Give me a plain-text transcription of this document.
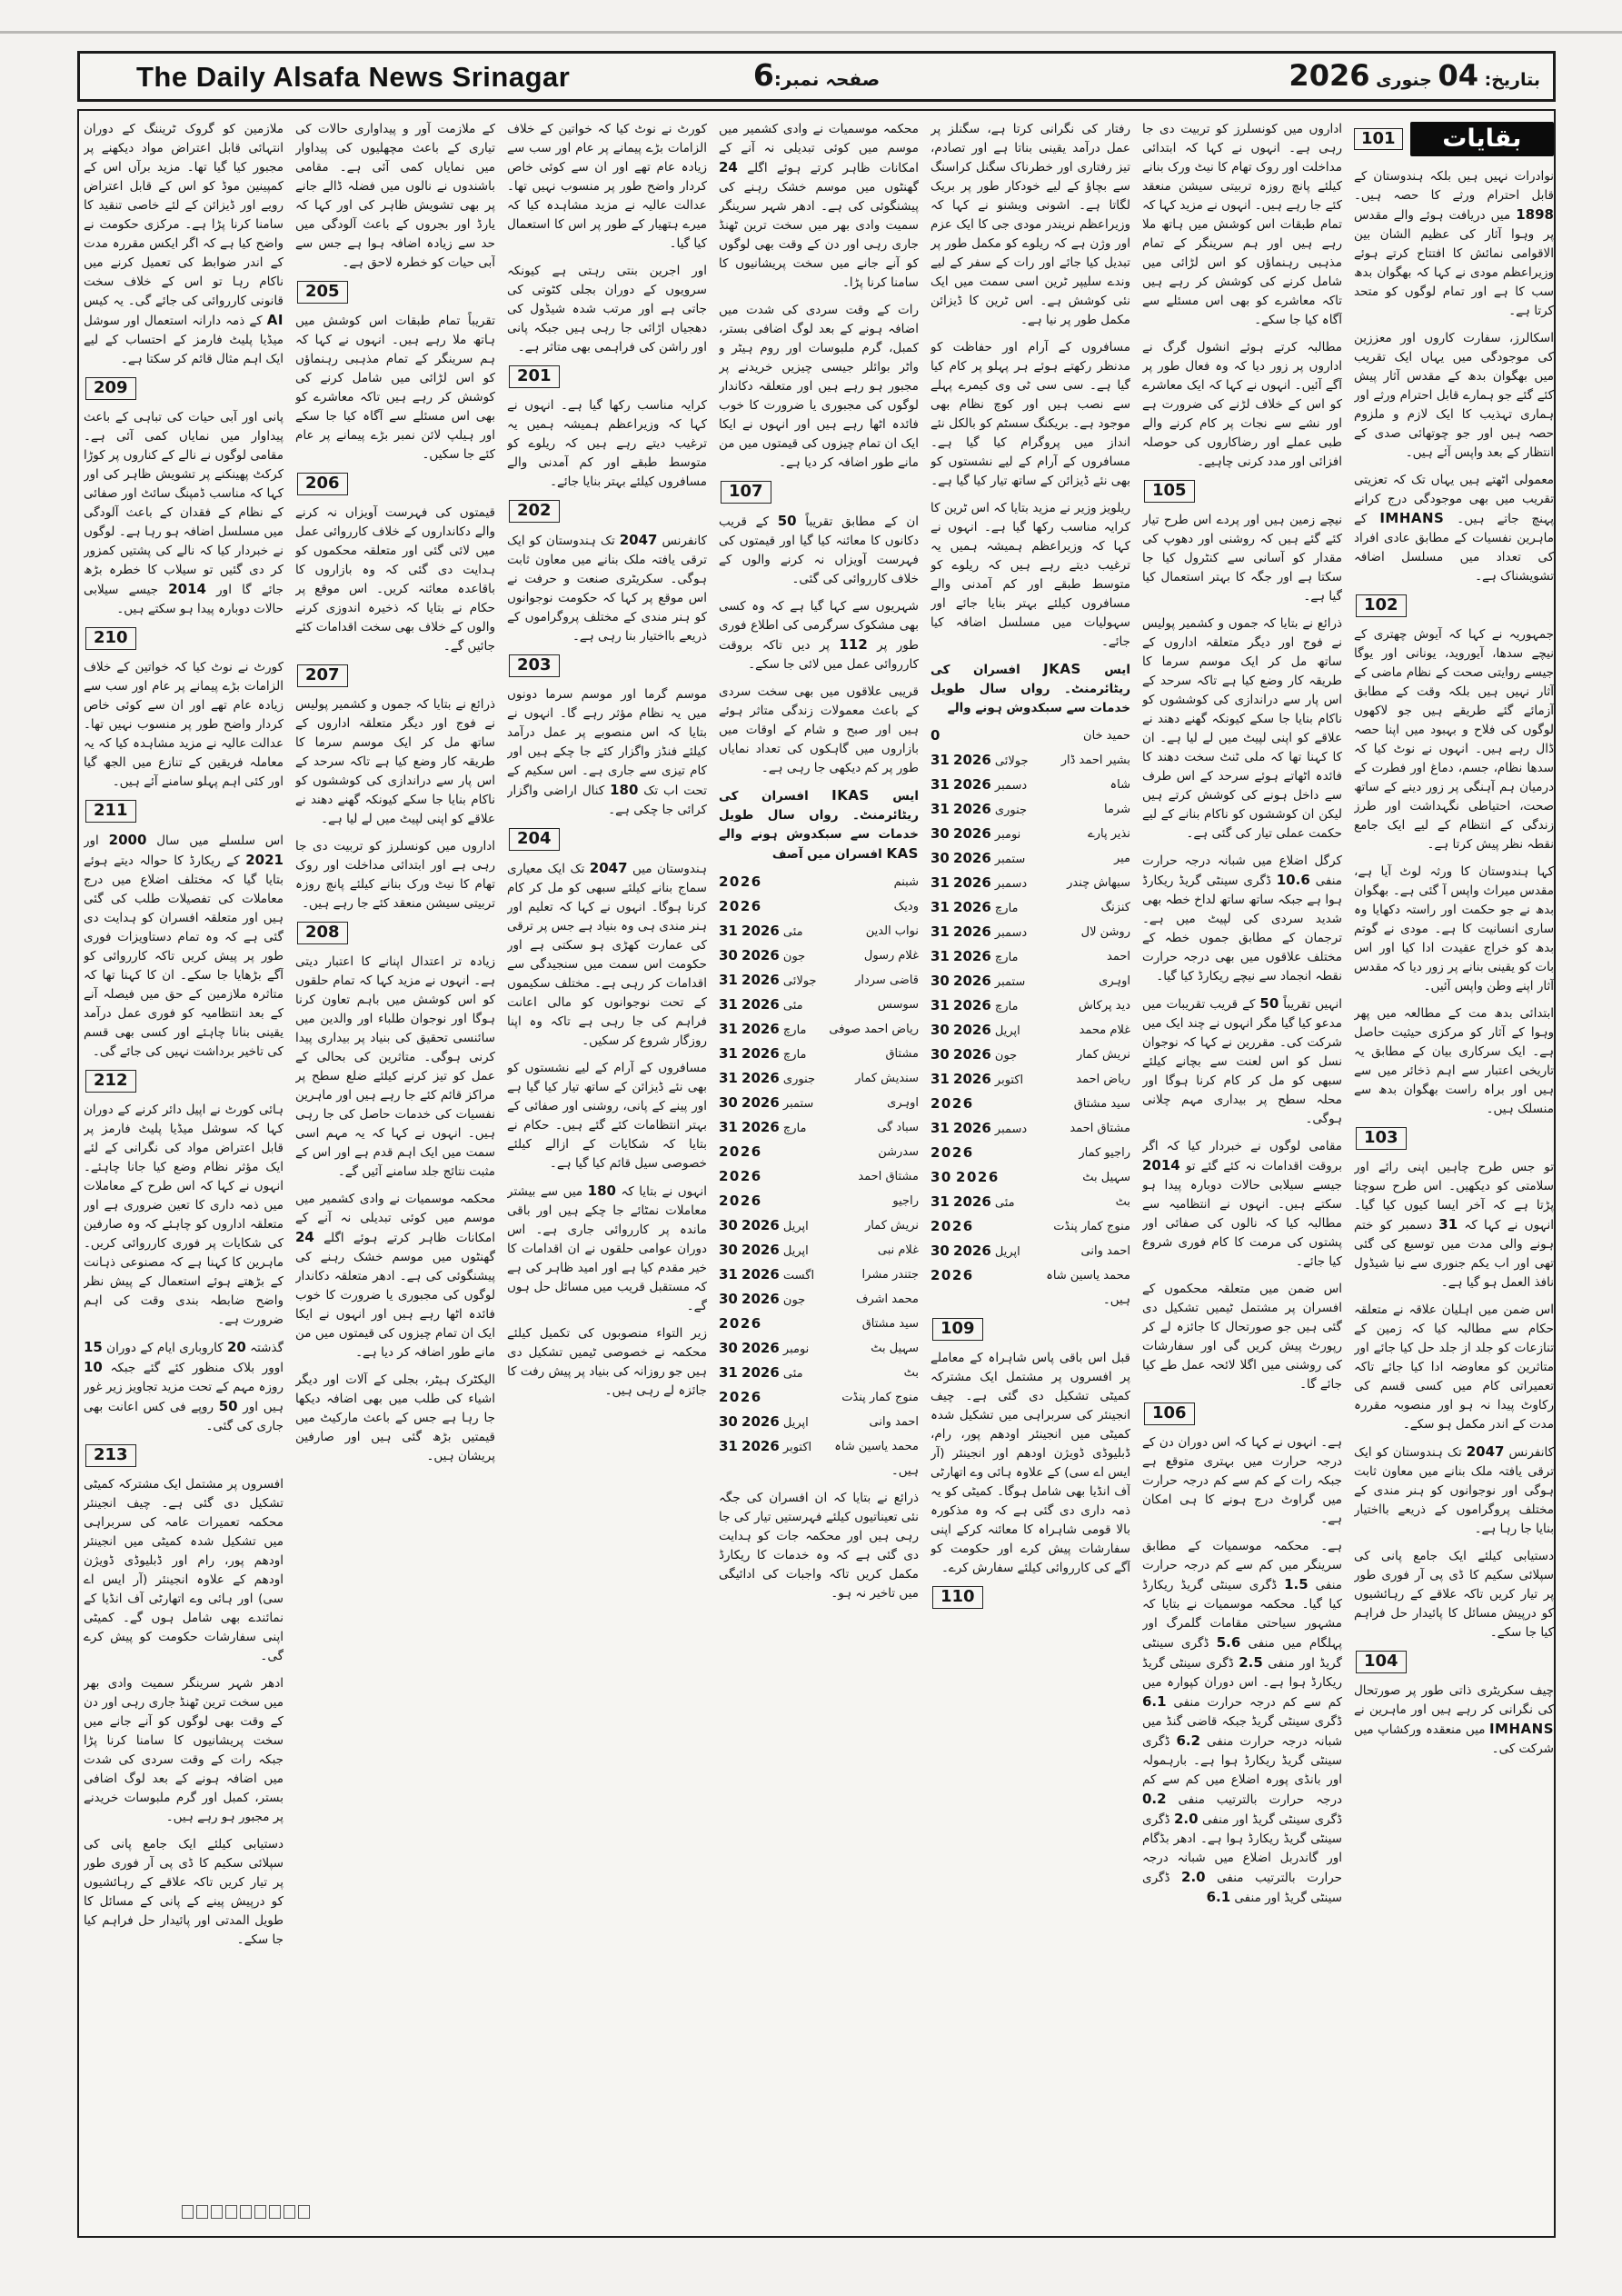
The Daily Alsafa News Srinagar	صفحہ نمبر:6	بتاریخ: 04 جنوری 2026
ملازمین کو گروک ٹریننگ کے دوران انتہائی قابل اعتراض مواد دیکھنے پر مجبور کیا گیا تھا۔ مزید برآں اس کے کمپینین موڈ کو اس کے قابل اعتراض رویے اور ڈیزائن کے لئے خاصی تنقید کا سامنا کرنا پڑا ہے۔ مرکزی حکومت نے واضح کیا ہے کہ اگر ایکس مقررہ مدت کے اندر ضوابط کی تعمیل کرنے میں ناکام رہا تو اس کے خلاف سخت قانونی کارروائی کی جائے گی۔ یہ کیس AI کے ذمہ دارانہ استعمال اور سوشل میڈیا پلیٹ فارمز کے احتساب کے لیے ایک اہم مثال قائم کر سکتا ہے۔
209
پانی اور آبی حیات کی تباہی کے باعث پیداوار میں نمایاں کمی آئی ہے۔ مقامی لوگوں نے نالے کے کناروں پر کوڑا کرکٹ پھینکنے پر تشویش ظاہر کی اور کہا کہ مناسب ڈمپنگ سائٹ اور صفائی کے نظام کے فقدان کے باعث آلودگی میں مسلسل اضافہ ہو رہا ہے۔ لوگوں نے خبردار کیا کہ نالے کی پشتیں کمزور کر دی گئیں تو سیلاب کا خطرہ بڑھ جائے گا اور 2014 جیسے سیلابی حالات دوبارہ پیدا ہو سکتے ہیں۔
210
کورٹ نے نوٹ کیا کہ خواتین کے خلاف الزامات بڑے پیمانے پر عام اور سب سے زیادہ عام تھے اور ان سے کوئی خاص کردار واضح طور پر منسوب نہیں تھا۔ عدالت عالیہ نے مزید مشاہدہ کیا کہ یہ معاملہ فریقین کے تنازع میں الجھ گیا اور کئی اہم پہلو سامنے آئے ہیں۔
211
اس سلسلے میں سال 2000 اور 2021 کے ریکارڈ کا حوالہ دیتے ہوئے بتایا گیا کہ مختلف اضلاع میں درج معاملات کی تفصیلات طلب کی گئی ہیں اور متعلقہ افسران کو ہدایت دی گئی ہے کہ وہ تمام دستاویزات فوری طور پر پیش کریں تاکہ کارروائی کو آگے بڑھایا جا سکے۔ ان کا کہنا تھا کہ متاثرہ ملازمین کے حق میں فیصلہ آنے کے بعد انتظامیہ کو فوری عمل درآمد یقینی بنانا چاہئے اور کسی بھی قسم کی تاخیر برداشت نہیں کی جائے گی۔
212
ہائی کورٹ نے اپیل دائر کرنے کے دوران کہا کہ سوشل میڈیا پلیٹ فارمز پر قابل اعتراض مواد کی نگرانی کے لئے ایک مؤثر نظام وضع کیا جانا چاہئے۔ انہوں نے کہا کہ اس طرح کے معاملات میں ذمہ داری کا تعین ضروری ہے اور متعلقہ اداروں کو چاہئے کہ وہ صارفین کی شکایات پر فوری کارروائی کریں۔ ماہرین کا کہنا ہے کہ مصنوعی ذہانت کے بڑھتے ہوئے استعمال کے پیش نظر واضح ضابطہ بندی وقت کی اہم ضرورت ہے۔
گذشتہ 20 کاروباری ایام کے دوران 15 اوور بلاک منظور کئے گئے جبکہ 10 روزہ مہم کے تحت مزید تجاویز زیر غور ہیں اور 50 روپے فی کس اعانت بھی جاری کی گئی۔
213
افسروں پر مشتمل ایک مشترکہ کمیٹی تشکیل دی گئی ہے۔ چیف انجینئر محکمہ تعمیرات عامہ کی سربراہی میں تشکیل شدہ کمیٹی میں انجینئر اودھم پور، رام اور ڈبلیوڈی ڈویژن اودھم کے علاوہ انجینئر (آر ایس اے سی) اور ہائی وے اتھارٹی آف انڈیا کے نمائندے بھی شامل ہوں گے۔ کمیٹی اپنی سفارشات حکومت کو پیش کرے گی۔
ادھر شہر سرینگر سمیت وادی بھر میں سخت ترین ٹھنڈ جاری رہی اور دن کے وقت بھی لوگوں کو آنے جانے میں سخت پریشانیوں کا سامنا کرنا پڑا جبکہ رات کے وقت سردی کی شدت میں اضافہ ہونے کے بعد لوگ اضافی بستر، کمبل اور گرم ملبوسات خریدنے پر مجبور ہو رہے ہیں۔
دستیابی کیلئے ایک جامع پانی کی سپلائی سکیم کا ڈی پی آر فوری طور پر تیار کریں تاکہ علاقے کے رہائشیوں کو درپیش پینے کے پانی کے مسائل کا طویل المدتی اور پائیدار حل فراہم کیا جا سکے۔
کے ملازمت آور و پیداواری حالات کی تیاری کے باعث مچھلیوں کی پیداوار میں نمایاں کمی آئی ہے۔ مقامی باشندوں نے نالوں میں فضلہ ڈالے جانے پر بھی تشویش ظاہر کی اور کہا کہ یارڈ اور بجروں کے باعث آلودگی میں حد سے زیادہ اضافہ ہوا ہے جس سے آبی حیات کو خطرہ لاحق ہے۔
205
تقریباً تمام طبقات اس کوشش میں ہاتھ ملا رہے ہیں۔ انہوں نے کہا کہ ہم سرینگر کے تمام مذہبی رہنماؤں کو اس لڑائی میں شامل کرنے کی کوشش کر رہے ہیں تاکہ معاشرے کو بھی اس مسئلے سے آگاہ کیا جا سکے اور ہیلپ لائن نمبر بڑے پیمانے پر عام کئے جا سکیں۔
206
قیمتوں کی فہرست آویزاں نہ کرنے والے دکانداروں کے خلاف کارروائی عمل میں لائی گئی اور متعلقہ محکموں کو ہدایت دی گئی کہ وہ بازاروں کا باقاعدہ معائنہ کریں۔ اس موقع پر حکام نے بتایا کہ ذخیرہ اندوزی کرنے والوں کے خلاف بھی سخت اقدامات کئے جائیں گے۔
207
ذرائع نے بتایا کہ جموں و کشمیر پولیس نے فوج اور دیگر متعلقہ اداروں کے ساتھ مل کر ایک موسم سرما کا طریقہ کار وضع کیا ہے تاکہ سرحد کے اس پار سے دراندازی کی کوششوں کو ناکام بنایا جا سکے کیونکہ گھنے دھند نے علاقے کو اپنی لپیٹ میں لے لیا ہے۔
اداروں میں کونسلرز کو تربیت دی جا رہی ہے اور ابتدائی مداخلت اور روک تھام کا نیٹ ورک بنانے کیلئے پانچ روزہ تربیتی سیشن منعقد کئے جا رہے ہیں۔
208
زیادہ تر اعتدال اپنانے کا اعتبار دیتی ہے۔ انہوں نے مزید کہا کہ تمام حلقوں کو اس کوشش میں باہم تعاون کرنا ہوگا اور نوجوان طلباء اور والدین میں سائنسی تحقیق کی بنیاد پر بیداری پیدا کرنی ہوگی۔ متاثرین کی بحالی کے عمل کو تیز کرنے کیلئے ضلع سطح پر مراکز قائم کئے جا رہے ہیں اور ماہرین نفسیات کی خدمات حاصل کی جا رہی ہیں۔ انہوں نے کہا کہ یہ مہم اسی سمت میں ایک اہم قدم ہے اور اس کے مثبت نتائج جلد سامنے آئیں گے۔
محکمہ موسمیات نے وادی کشمیر میں موسم میں کوئی تبدیلی نہ آنے کے امکانات ظاہر کرتے ہوئے اگلے 24 گھنٹوں میں موسم خشک رہنے کی پیشنگوئی کی ہے۔ ادھر متعلقہ دکاندار لوگوں کی مجبوری یا ضرورت کا خوب فائدہ اٹھا رہے ہیں اور انہوں نے ایکا ایک ان تمام چیزوں کی قیمتوں میں من مانے طور اضافہ کر دیا ہے۔
الیکٹرک ہیٹر، بجلی کے آلات اور دیگر اشیاء کی طلب میں بھی اضافہ دیکھا جا رہا ہے جس کے باعث مارکیٹ میں قیمتیں بڑھ گئی ہیں اور صارفین پریشان ہیں۔
کورٹ نے نوٹ کیا کہ خواتین کے خلاف الزامات بڑے پیمانے پر عام اور سب سے زیادہ عام تھے اور ان سے کوئی خاص کردار واضح طور پر منسوب نہیں تھا۔ عدالت عالیہ نے مزید مشاہدہ کیا کہ میرے ہتھیار کے طور پر اس کا استعمال کیا گیا۔
اور اجرین بنتی رہتی ہے کیونکہ سرویوں کے دوران بجلی کٹوتی کی جاتی ہے اور مرتب شدہ شیڈول کی دھجیاں اڑائی جا رہی ہیں جبکہ پانی اور راشن کی فراہمی بھی متاثر ہے۔
201
کرایہ مناسب رکھا گیا ہے۔ انہوں نے کہا کہ وزیراعظم ہمیشہ ہمیں یہ ترغیب دیتے رہے ہیں کہ ریلوے کو متوسط طبقے اور کم آمدنی والے مسافروں کیلئے بہتر بنایا جائے۔
202
کانفرنس 2047 تک ہندوستان کو ایک ترقی یافتہ ملک بنانے میں معاون ثابت ہوگی۔ سکریٹری صنعت و حرفت نے اس موقع پر کہا کہ حکومت نوجوانوں کو ہنر مندی کے مختلف پروگراموں کے ذریعے بااختیار بنا رہی ہے۔
203
موسم گرما اور موسم سرما دونوں میں یہ نظام مؤثر رہے گا۔ انہوں نے بتایا کہ اس منصوبے پر عمل درآمد کیلئے فنڈز واگزار کئے جا چکے ہیں اور کام تیزی سے جاری ہے۔ اس سکیم کے تحت اب تک 180 کنال اراضی واگزار کرائی جا چکی ہے۔
204
ہندوستان میں 2047 تک ایک معیاری سماج بنانے کیلئے سبھی کو مل کر کام کرنا ہوگا۔ انہوں نے کہا کہ تعلیم اور ہنر مندی ہی وہ بنیاد ہے جس پر ترقی کی عمارت کھڑی ہو سکتی ہے اور حکومت اس سمت میں سنجیدگی سے اقدامات کر رہی ہے۔ مختلف سکیموں کے تحت نوجوانوں کو مالی اعانت فراہم کی جا رہی ہے تاکہ وہ اپنا روزگار شروع کر سکیں۔
مسافروں کے آرام کے لیے نشستوں کو بھی نئے ڈیزائن کے ساتھ تیار کیا گیا ہے اور پینے کے پانی، روشنی اور صفائی کے بہتر انتظامات کئے گئے ہیں۔ حکام نے بتایا کہ شکایات کے ازالے کیلئے خصوصی سیل قائم کیا گیا ہے۔
انہوں نے بتایا کہ 180 میں سے بیشتر معاملات نمٹائے جا چکے ہیں اور باقی ماندہ پر کارروائی جاری ہے۔ اس دوران عوامی حلقوں نے ان اقدامات کا خیر مقدم کیا ہے اور امید ظاہر کی ہے کہ مستقبل قریب میں مسائل حل ہوں گے۔
زیر التواء منصوبوں کی تکمیل کیلئے محکمہ نے خصوصی ٹیمیں تشکیل دی ہیں جو روزانہ کی بنیاد پر پیش رفت کا جائزہ لے رہی ہیں۔
محکمہ موسمیات نے وادی کشمیر میں موسم میں کوئی تبدیلی نہ آنے کے امکانات ظاہر کرتے ہوئے اگلے 24 گھنٹوں میں موسم خشک رہنے کی پیشنگوئی کی ہے۔ ادھر شہر سرینگر سمیت وادی بھر میں سخت ترین ٹھنڈ جاری رہی اور دن کے وقت بھی لوگوں کو آنے جانے میں سخت پریشانیوں کا سامنا کرنا پڑا۔
رات کے وقت سردی کی شدت میں اضافہ ہونے کے بعد لوگ اضافی بستر، کمبل، گرم ملبوسات اور روم ہیٹر و واٹر بوائلر جیسی چیزیں خریدنے پر مجبور ہو رہے ہیں اور متعلقہ دکاندار لوگوں کی مجبوری یا ضرورت کا خوب فائدہ اٹھا رہے ہیں اور انہوں نے ایکا ایک ان تمام چیزوں کی قیمتوں میں من مانے طور اضافہ کر دیا ہے۔
107
ان کے مطابق تقریباً 50 کے قریب دکانوں کا معائنہ کیا گیا اور قیمتوں کی فہرست آویزاں نہ کرنے والوں کے خلاف کارروائی کی گئی۔
شہریوں سے کہا گیا ہے کہ وہ کسی بھی مشکوک سرگرمی کی اطلاع فوری طور پر 112 پر دیں تاکہ بروقت کارروائی عمل میں لائی جا سکے۔
قریبی علاقوں میں بھی سخت سردی کے باعث معمولات زندگی متاثر ہوئے ہیں اور صبح و شام کے اوقات میں بازاروں میں گاہکوں کی تعداد نمایاں طور پر کم دیکھی جا رہی ہے۔
ایس IKAS افسران کی ریٹائرمنٹ۔ رواں سال طویل خدمات سے سبکدوش ہونے والے KAS افسران میں آصف
شبنم
2026
ودیک
2026
نواب الدین
31 مئی 2026
غلام رسول
30 جون 2026
قاضی سردار
31 جولائی 2026
سوسس
31 مئی 2026
ریاض احمد صوفی
31 مارچ 2026
مشتاق
31 مارچ 2026
سندیش کمار
31 جنوری 2026
اوہری
30 ستمبر 2026
سباد گی
31 مارچ 2026
سدرشن
2026
مشتاق احمد
2026
راجیو
2026
نریش کمار
30 اپریل 2026
غلام نبی
30 اپریل 2026
جتندر مشرا
31 اگست 2026
محمد اشرف
30 جون 2026
سید مشتاق
2026
سہیل بٹ
30 نومبر 2026
بٹ
31 مئی 2026
منوج کمار پنڈت
2026
احمد وانی
30 اپریل 2026
محمد یاسین شاہ
31 اکتوبر 2026
ہیں۔
ذرائع نے بتایا کہ ان افسران کی جگہ نئی تعیناتیوں کیلئے فہرستیں تیار کی جا رہی ہیں اور محکمہ جات کو ہدایت دی گئی ہے کہ وہ خدمات کا ریکارڈ مکمل کریں تاکہ واجبات کی ادائیگی میں تاخیر نہ ہو۔
رفتار کی نگرانی کرتا ہے، سگنلز پر عمل درآمد یقینی بناتا ہے اور تصادم، تیز رفتاری اور خطرناک سگنل کراسنگ سے بچاؤ کے لیے خودکار طور پر بریک لگاتا ہے۔ اشونی ویشنو نے کہا کہ وزیراعظم نریندر مودی جی کا ایک عزم اور وژن ہے کہ ریلوے کو مکمل طور پر تبدیل کیا جائے اور رات کے سفر کے لیے وندے سلیپر ٹرین اسی سمت میں ایک نئی کوشش ہے۔ اس ٹرین کا ڈیزائن مکمل طور پر نیا ہے۔
مسافروں کے آرام اور حفاظت کو مدنظر رکھتے ہوئے ہر پہلو پر کام کیا گیا ہے۔ سی سی ٹی وی کیمرے پہلے سے نصب ہیں اور کوچ نظام بھی موجود ہے۔ بریکنگ سسٹم کو بالکل نئے انداز میں پروگرام کیا گیا ہے۔ مسافروں کے آرام کے لیے نشستوں کو بھی نئے ڈیزائن کے ساتھ تیار کیا گیا ہے۔
ریلویز وزیر نے مزید بتایا کہ اس ٹرین کا کرایہ مناسب رکھا گیا ہے۔ انہوں نے کہا کہ وزیراعظم ہمیشہ ہمیں یہ ترغیب دیتے رہے ہیں کہ ریلوے کو متوسط طبقے اور کم آمدنی والے مسافروں کیلئے بہتر بنایا جائے اور سہولیات میں مسلسل اضافہ کیا جائے۔
ایس JKAS افسران کی ریٹائرمنٹ۔ رواں سال طویل خدمات سے سبکدوش ہونے والے
حمید خان
0
بشیر احمد ڈار
31 جولائی 2026
شاہ
31 دسمبر 2026
شرما
31 جنوری 2026
نذیر پارے
30 نومبر 2026
میر
30 ستمبر 2026
سبھاش چندر
31 دسمبر 2026
کنزنگ
31 مارچ 2026
روشن لال
31 دسمبر 2026
احمد
31 مارچ 2026
اوہری
30 ستمبر 2026
دید پرکاش
31 مارچ 2026
غلام محمد
30 اپریل 2026
نریش کمار
30 جون 2026
ریاض احمد
31 اکتوبر 2026
سید مشتاق
2026
مشتاق احمد
31 دسمبر 2026
راجیو کمار
2026
سہیل بٹ
30 2026
بٹ
31 مئی 2026
منوج کمار پنڈت
2026
احمد وانی
30 اپریل 2026
محمد یاسین شاہ
2026
ہیں۔
109
قبل اس باقی پاس شاہراہ کے معاملے پر افسروں پر مشتمل ایک مشترکہ کمیٹی تشکیل دی گئی ہے۔ چیف انجینئر کی سربراہی میں تشکیل شدہ کمیٹی میں انجینئر اودھم پور، رام، ڈبلیوڈی ڈویژن اودھم اور انجینئر (آر ایس اے سی) کے علاوہ ہائی وے اتھارٹی آف انڈیا بھی شامل ہوگا۔ کمیٹی کو یہ ذمہ داری دی گئی ہے کہ وہ مذکورہ بالا قومی شاہراہ کا معائنہ کرکے اپنی سفارشات پیش کرے اور حکومت کو آگے کی کارروائی کیلئے سفارش کرے۔
110
اداروں میں کونسلرز کو تربیت دی جا رہی ہے۔ انہوں نے کہا کہ ابتدائی مداخلت اور روک تھام کا نیٹ ورک بنانے کیلئے پانچ روزہ تربیتی سیشن منعقد کئے جا رہے ہیں۔ انہوں نے مزید کہا کہ تمام طبقات اس کوشش میں ہاتھ ملا رہے ہیں اور ہم سرینگر کے تمام مذہبی رہنماؤں کو اس لڑائی میں شامل کرنے کی کوشش کر رہے ہیں تاکہ معاشرے کو بھی اس مسئلے سے آگاہ کیا جا سکے۔
مطالبہ کرتے ہوئے انشول گرگ نے اداروں پر زور دیا کہ وہ فعال طور پر آگے آئیں۔ انہوں نے کہا کہ ایک معاشرے کو اس کے خلاف لڑنے کی ضرورت ہے اور نشے سے نجات پر کام کرنے والے طبی عملے اور رضاکاروں کی حوصلہ افزائی اور مدد کرنی چاہیے۔
105
نیچے زمین ہیں اور پردے اس طرح تیار کئے گئے ہیں کہ روشنی اور دھوپ کی مقدار کو آسانی سے کنٹرول کیا جا سکتا ہے اور جگہ کا بہتر استعمال کیا گیا ہے۔
ذرائع نے بتایا کہ جموں و کشمیر پولیس نے فوج اور دیگر متعلقہ اداروں کے ساتھ مل کر ایک موسم سرما کا طریقہ کار وضع کیا ہے تاکہ سرحد کے اس پار سے دراندازی کی کوششوں کو ناکام بنایا جا سکے کیونکہ گھنے دھند نے علاقے کو اپنی لپیٹ میں لے لیا ہے۔ ان کا کہنا تھا کہ ملی ٹنٹ سخت دھند کا فائدہ اٹھاتے ہوئے سرحد کے اس طرف سے داخل ہونے کی کوشش کرتے ہیں لیکن ان کوششوں کو ناکام بنانے کے لیے حکمت عملی تیار کی گئی ہے۔
کرگل اضلاع میں شبانہ درجہ حرارت منفی 10.6 ڈگری سینٹی گریڈ ریکارڈ ہوا ہے جبکہ ساتھ ساتھ لداخ خطہ بھی شدید سردی کی لپیٹ میں ہے۔ ترجمان کے مطابق جموں خطہ کے مختلف علاقوں میں بھی درجہ حرارت نقطہ انجماد سے نیچے ریکارڈ کیا گیا۔
انہیں تقریباً 50 کے قریب تقریبات میں مدعو کیا گیا مگر انہوں نے چند ایک میں شرکت کی۔ مقررین نے کہا کہ نوجوان نسل کو اس لعنت سے بچانے کیلئے سبھی کو مل کر کام کرنا ہوگا اور محلہ سطح پر بیداری مہم چلانی ہوگی۔
مقامی لوگوں نے خبردار کیا کہ اگر بروقت اقدامات نہ کئے گئے تو 2014 جیسے سیلابی حالات دوبارہ پیدا ہو سکتے ہیں۔ انہوں نے انتظامیہ سے مطالبہ کیا کہ نالوں کی صفائی اور پشتوں کی مرمت کا کام فوری شروع کیا جائے۔
اس ضمن میں متعلقہ محکموں کے افسران پر مشتمل ٹیمیں تشکیل دی گئی ہیں جو صورتحال کا جائزہ لے کر رپورٹ پیش کریں گی اور سفارشات کی روشنی میں اگلا لائحہ عمل طے کیا جائے گا۔
106
ہے۔ انہوں نے کہا کہ اس دوران دن کے درجہ حرارت میں بہتری متوقع ہے جبکہ رات کے کم سے کم درجہ حرارت میں گراوٹ درج ہونے کا ہی امکان ہے۔
ہے۔ محکمہ موسمیات کے مطابق سرینگر میں کم سے کم درجہ حرارت منفی 1.5 ڈگری سینٹی گریڈ ریکارڈ کیا گیا۔ محکمہ موسمیات نے بتایا کہ مشہور سیاحتی مقامات گلمرگ اور پہلگام میں منفی 5.6 ڈگری سینٹی گریڈ اور منفی 2.5 ڈگری سینٹی گریڈ ریکارڈ ہوا ہے۔ اس دوران کپوارہ میں کم سے کم درجہ حرارت منفی 6.1 ڈگری سینٹی گریڈ جبکہ قاضی گنڈ میں شبانہ درجہ حرارت منفی 6.2 ڈگری سینٹی گریڈ ریکارڈ ہوا ہے۔ بارہمولہ اور بانڈی پورہ اضلاع میں کم سے کم درجہ حرارت بالترتیب منفی 0.2 ڈگری سینٹی گریڈ اور منفی 2.0 ڈگری سینٹی گریڈ ریکارڈ ہوا ہے۔ ادھر بڈگام اور گاندربل اضلاع میں شبانہ درجہ حرارت بالترتیب منفی 2.0 ڈگری سینٹی گریڈ اور منفی 6.1
بقایات
101
نوادرات نہیں ہیں بلکہ ہندوستان کے قابل احترام ورثے کا حصہ ہیں۔ 1898 میں دریافت ہوئے والے مقدس پر وہوا آثار کی عظیم الشان بین الاقوامی نمائش کا افتتاح کرتے ہوئے وزیراعظم مودی نے کہا کہ بھگوان بدھ سب کا ہے اور تمام لوگوں کو متحد کرتا ہے۔
اسکالرز، سفارت کاروں اور معززین کی موجودگی میں یہاں ایک تقریب میں بھگوان بدھ کے مقدس آثار پیش کئے گئے جو ہمارے قابل احترام ورثے اور ہماری تہذیب کا ایک لازم و ملزوم حصہ ہیں اور جو چوتھائی صدی کے انتظار کے بعد واپس آئے ہیں۔
معمولی اٹھتے ہیں یہاں تک کہ تعزیتی تقریب میں بھی موجودگی درج کرانے پہنچ جاتے ہیں۔ IMHANS کے ماہرین نفسیات کے مطابق عادی افراد کی تعداد میں مسلسل اضافہ تشویشناک ہے۔
102
جمہوریہ نے کہا کہ آیوش چھتری کے نیچے سدھا، آیوروید، یونانی اور یوگا جیسے روایتی صحت کے نظام ماضی کے آثار نہیں ہیں بلکہ وقت کے مطابق آزمائے گئے طریقے ہیں جو لاکھوں لوگوں کی فلاح و بہبود میں اپنا حصہ ڈال رہے ہیں۔ انہوں نے نوٹ کیا کہ سدھا نظام، جسم، دماغ اور فطرت کے درمیان ہم آہنگی پر زور دینے کے ساتھ صحت، احتیاطی نگہداشت اور طرز زندگی کے انتظام کے لیے ایک جامع نقطہ نظر پیش کرتا ہے۔
کہا ہندوستان کا ورثہ لوٹ آیا ہے، مقدس میراث واپس آ گئی ہے۔ بھگوان بدھ نے جو حکمت اور راستہ دکھایا وہ ساری انسانیت کا ہے۔ مودی نے گوتم بدھ کو خراج عقیدت ادا کیا اور اس بات کو یقینی بنانے پر زور دیا کہ مقدس آثار اپنے وطن واپس آئیں۔
ابتدائی بدھ مت کے مطالعہ میں پھر وہوا کے آثار کو مرکزی حیثیت حاصل ہے۔ ایک سرکاری بیان کے مطابق یہ تاریخی اعتبار سے اہم ذخائر میں سے ہیں اور براہ راست بھگوان بدھ سے منسلک ہیں۔
103
تو جس طرح چاہیں اپنی رائے اور سلامتی کو دیکھیں۔ اس طرح سوچنا پڑتا ہے کہ آخر ایسا کیوں کیا گیا۔ انہوں نے کہا کہ 31 دسمبر کو ختم ہونے والی مدت میں توسیع کی گئی تھی اور اب یکم جنوری سے نیا شیڈول نافذ العمل ہو گیا ہے۔
اس ضمن میں اہلیان علاقہ نے متعلقہ حکام سے مطالبہ کیا کہ زمین کے تنازعات کو جلد از جلد حل کیا جائے اور متاثرین کو معاوضہ ادا کیا جائے تاکہ تعمیراتی کام میں کسی قسم کی رکاوٹ پیدا نہ ہو اور منصوبہ مقررہ مدت کے اندر مکمل ہو سکے۔
کانفرنس 2047 تک ہندوستان کو ایک ترقی یافتہ ملک بنانے میں معاون ثابت ہوگی اور نوجوانوں کو ہنر مندی کے مختلف پروگراموں کے ذریعے بااختیار بنایا جا رہا ہے۔
دستیابی کیلئے ایک جامع پانی کی سپلائی سکیم کا ڈی پی آر فوری طور پر تیار کریں تاکہ علاقے کے رہائشیوں کو درپیش مسائل کا پائیدار حل فراہم کیا جا سکے۔
104
چیف سکریٹری ذاتی طور پر صورتحال کی نگرانی کر رہے ہیں اور ماہرین نے IMHANS میں منعقدہ ورکشاپ میں شرکت کی۔
